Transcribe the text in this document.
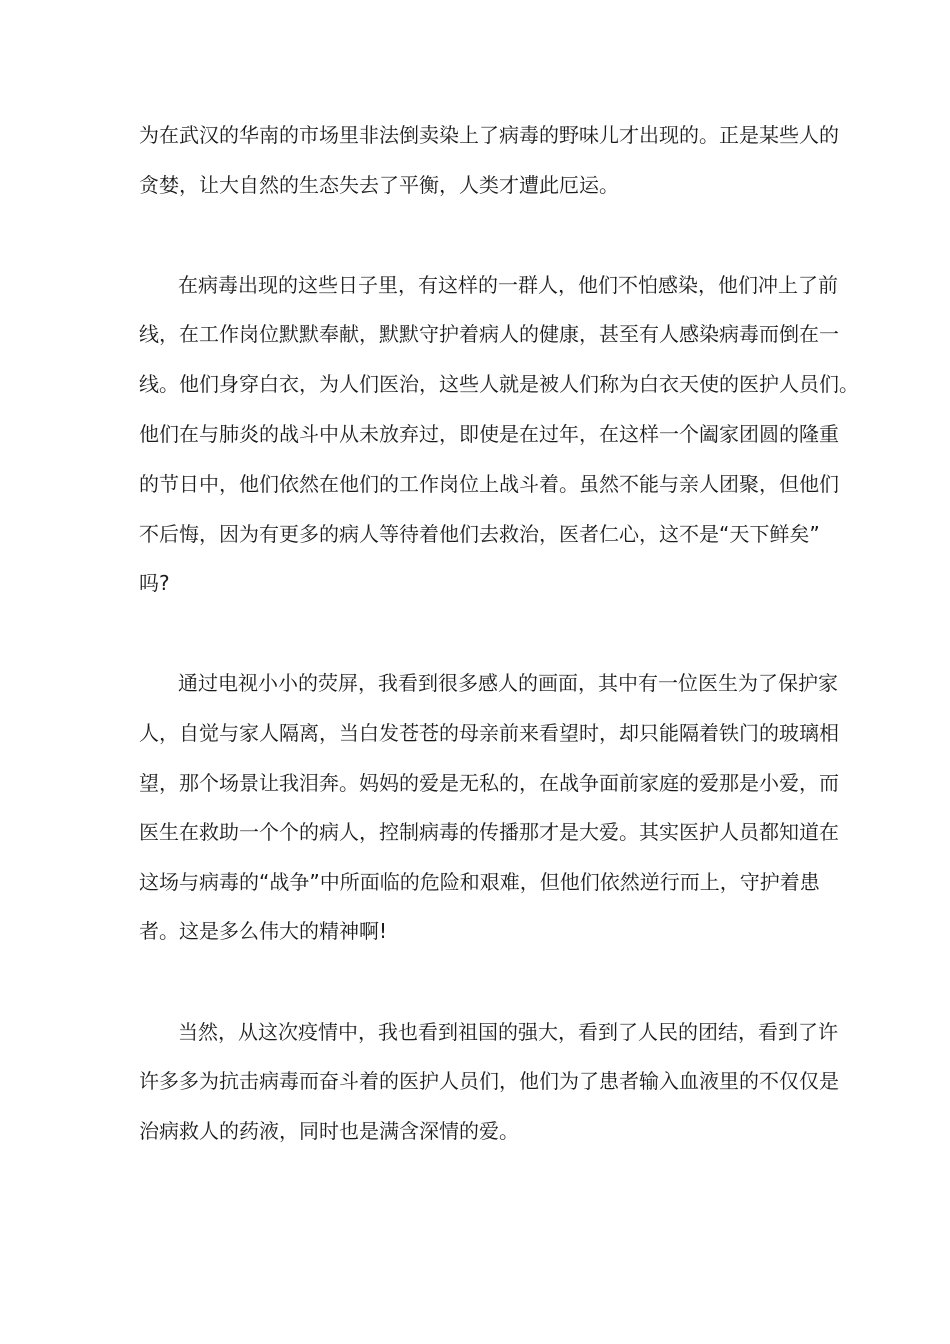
为在武汉的华南的市场里非法倒卖染上了病毒的野味儿才出现的。正是某些人的
贪婪，让大自然的生态失去了平衡，人类才遭此厄运。
在病毒出现的这些日子里，有这样的一群人，他们不怕感染，他们冲上了前
线，在工作岗位默默奉献，默默守护着病人的健康，甚至有人感染病毒而倒在一
线。他们身穿白衣，为人们医治，这些人就是被人们称为白衣天使的医护人员们。
他们在与肺炎的战斗中从未放弃过，即使是在过年，在这样一个阖家团圆的隆重
的节日中，他们依然在他们的工作岗位上战斗着。虽然不能与亲人团聚，但他们
不后悔，因为有更多的病人等待着他们去救治，医者仁心，这不是“天下鲜矣”
吗?
通过电视小小的荧屏，我看到很多感人的画面，其中有一位医生为了保护家
人，自觉与家人隔离，当白发苍苍的母亲前来看望时，却只能隔着铁门的玻璃相
望，那个场景让我泪奔。妈妈的爱是无私的，在战争面前家庭的爱那是小爱，而
医生在救助一个个的病人，控制病毒的传播那才是大爱。其实医护人员都知道在
这场与病毒的“战争”中所面临的危险和艰难，但他们依然逆行而上，守护着患
者。这是多么伟大的精神啊!
当然，从这次疫情中，我也看到祖国的强大，看到了人民的团结，看到了许
许多多为抗击病毒而奋斗着的医护人员们，他们为了患者输入血液里的不仅仅是
治病救人的药液，同时也是满含深情的爱。
